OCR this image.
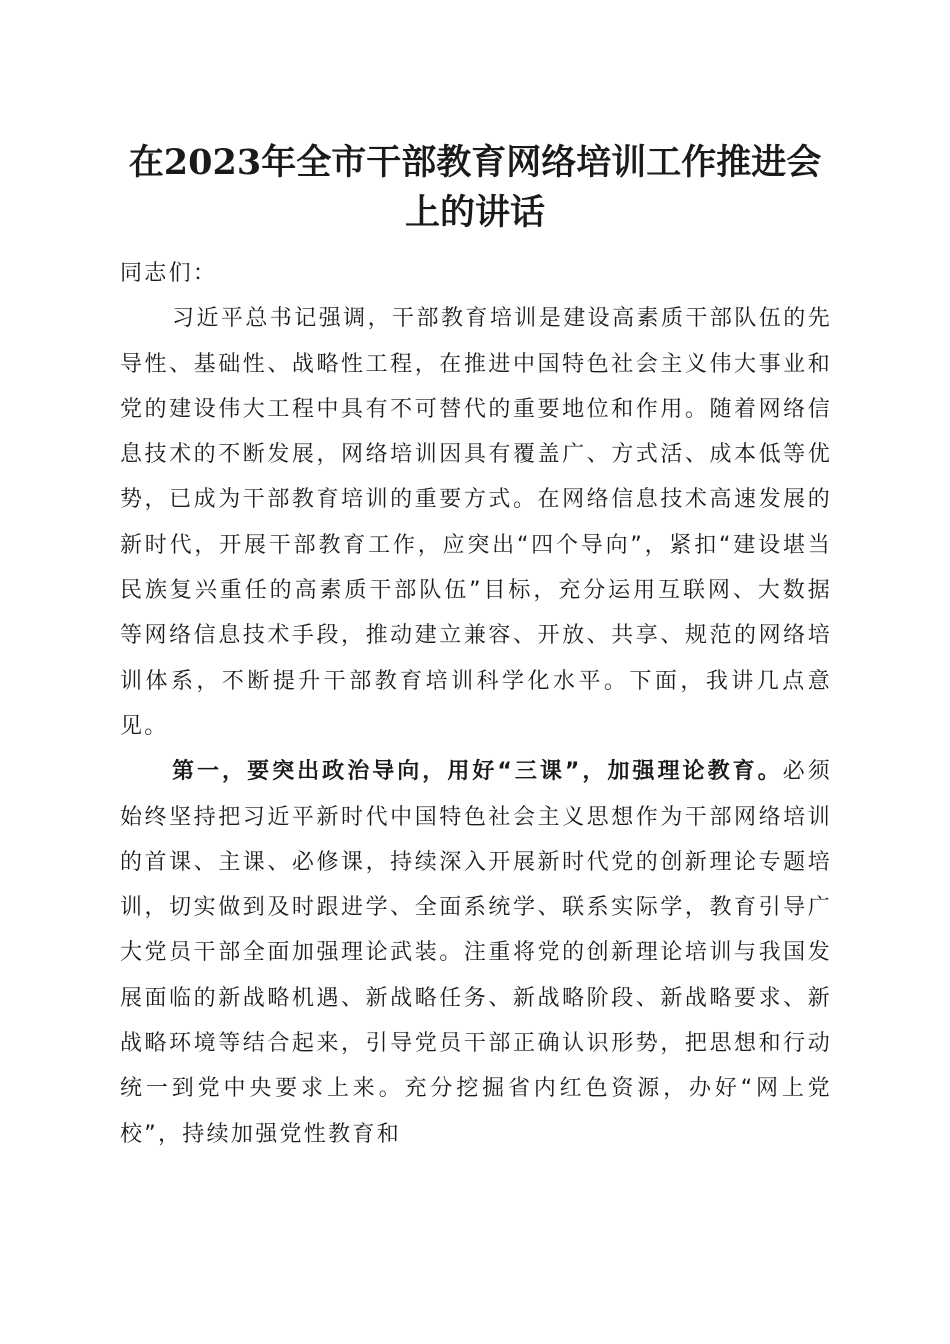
在2023年全市干部教育网络培训工作推进会
上的讲话

同志们：

习近平总书记强调，干部教育培训是建设高素质干部队伍的先导性、基础性、战略性工程，在推进中国特色社会主义伟大事业和党的建设伟大工程中具有不可替代的重要地位和作用。随着网络信息技术的不断发展，网络培训因具有覆盖广、方式活、成本低等优势，已成为干部教育培训的重要方式。在网络信息技术高速发展的新时代，开展干部教育工作，应突出“四个导向”，紧扣“建设堪当民族复兴重任的高素质干部队伍”目标，充分运用互联网、大数据等网络信息技术手段，推动建立兼容、开放、共享、规范的网络培训体系，不断提升干部教育培训科学化水平。下面，我讲几点意见。

第一，要突出政治导向，用好“三课”，加强理论教育。必须始终坚持把习近平新时代中国特色社会主义思想作为干部网络培训的首课、主课、必修课，持续深入开展新时代党的创新理论专题培训，切实做到及时跟进学、全面系统学、联系实际学，教育引导广大党员干部全面加强理论武装。注重将党的创新理论培训与我国发展面临的新战略机遇、新战略任务、新战略阶段、新战略要求、新战略环境等结合起来，引导党员干部正确认识形势，把思想和行动统一到党中央要求上来。充分挖掘省内红色资源，办好“网上党校”，持续加强党性教育和
